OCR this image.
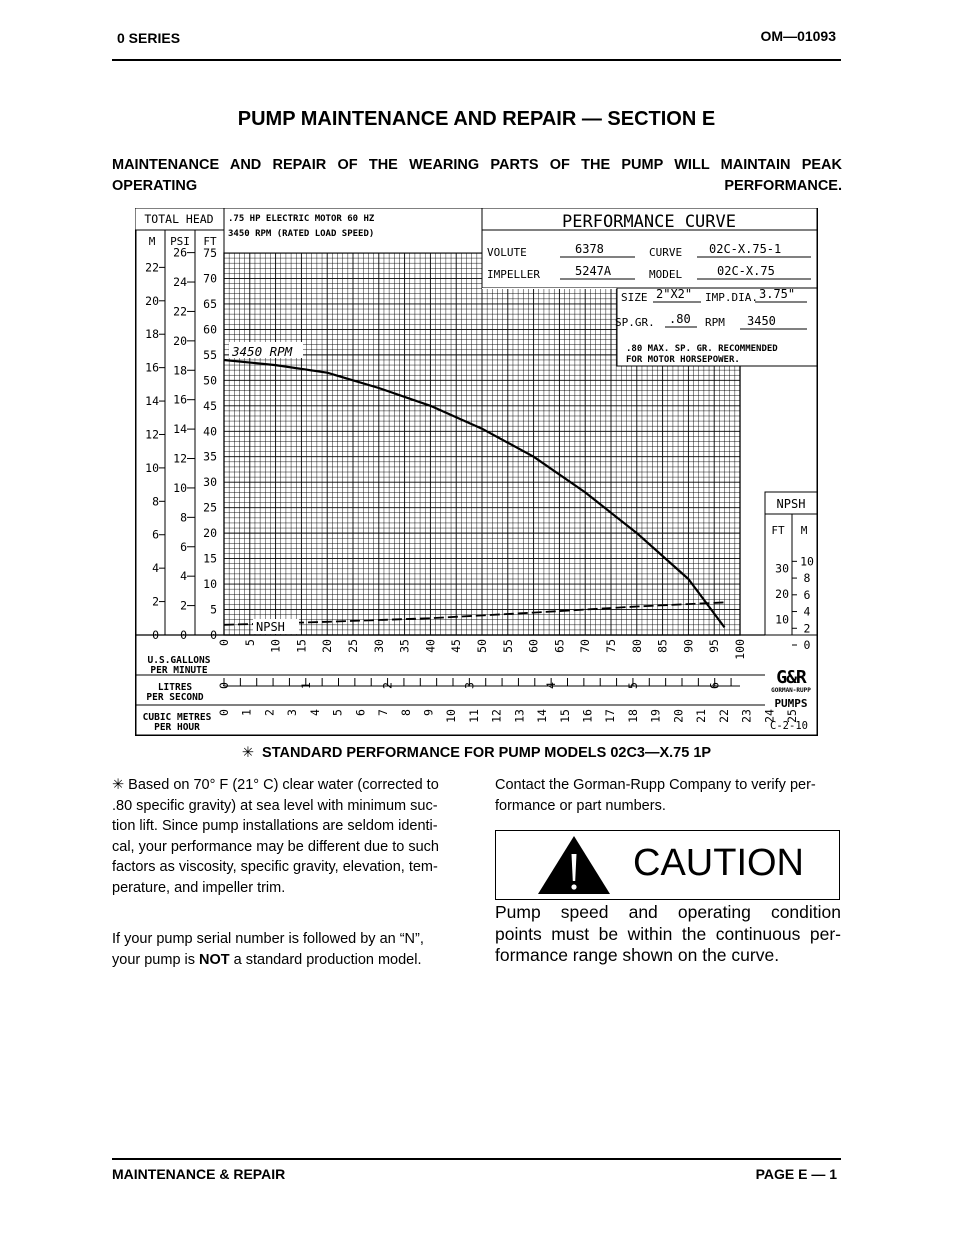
0 SERIES	OM—01093
PUMP MAINTENANCE AND REPAIR — SECTION E
MAINTENANCE AND REPAIR OF THE WEARING PARTS OF THE PUMP WILL MAINTAIN PEAK OPERATING PERFORMANCE.
TOTAL HEAD .75 HP ELECTRIC MOTOR 60 HZ
3450 RPM (RATED LOAD SPEED)
M PSI FT
0
5
10
15
20
25
30
35
40
45
50
55
60
65
70
75
0
2
4
6
8
10
12
14
16
18
20
22
24
26
0
2
4
6
8
10
12
14
16
18
20
22
PERFORMANCE CURVE
VOLUTE	6378	CURVE 02C-X.75-1
IMPELLER	5247A	MODEL	02C-X.75
SIZE 2"X2" IMP.DIA. 3.75"
SP.GR. .80 RPM 3450
.80 MAX. SP. GR. RECOMMENDED
FOR MOTOR HORSEPOWER.
NPSH
FT M
10
20
30
0
2
4
6
8
10
3450 RPM
NPSH
0 5 10 15 20 25 30 35 40 45 50 55 60 65 70 75 80 85 90 95 100
U.S.GALLONS
PER MINUTE
0	1	2	3	4	5	6
LITRES
PER SECOND
0 1 2 3 4 5 6 7 8 9 10 11 12 13 14 15 16 17 18 19 20 21 22 23 24 25
CUBIC METRES
PER HOUR
G&R
GORMAN-RUPP
PUMPS
C-2-10
✳ STANDARD PERFORMANCE FOR PUMP MODELS 02C3—X.75 1P
✳ Based on 70° F (21° C) clear water (corrected to
.80 specific gravity) at sea level with minimum suc-
tion lift. Since pump installations are seldom identi-
cal, your performance may be different due to such
factors as viscosity, specific gravity, elevation, tem-
perature, and impeller trim.
If your pump serial number is followed by an “N”,
your pump is NOT a standard production model.
Contact the Gorman-Rupp Company to verify per-
formance or part numbers.
CAUTION
Pump speed and operating condition
points must be within the continuous per-
formance range shown on the curve.
MAINTENANCE & REPAIR	PAGE E — 1
